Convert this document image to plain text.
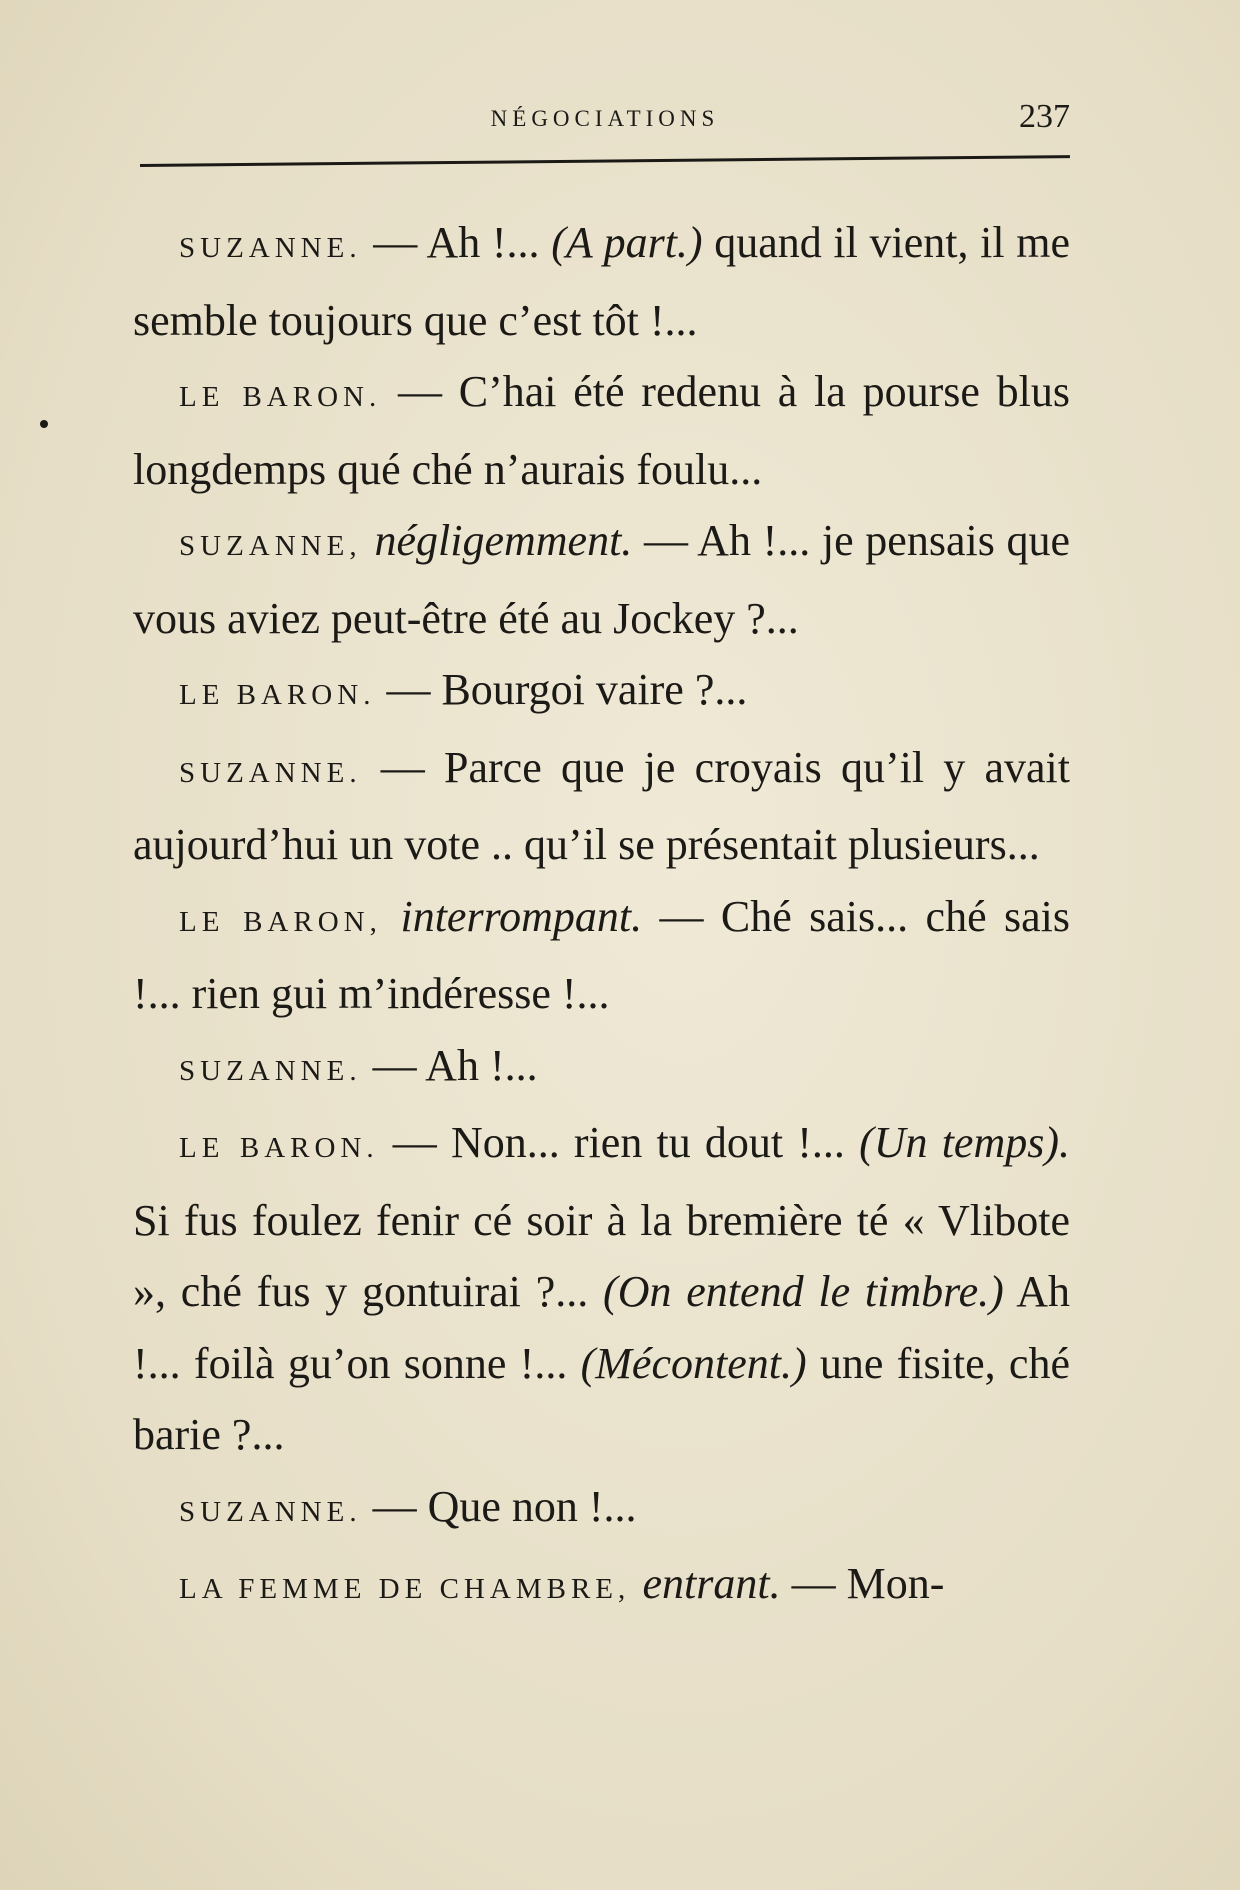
NÉGOCIATIONS	237

SUZANNE. — Ah !... (A part.) quand il vient, il me semble toujours que c’est tôt !...

LE BARON. — C’hai été redenu à la pourse blus longdemps qué ché n’aurais foulu...

SUZANNE, négligemment. — Ah !... je pensais que vous aviez peut-être été au Jockey ?...

LE BARON. — Bourgoi vaire ?...

SUZANNE. — Parce que je croyais qu’il y avait aujourd’hui un vote .. qu’il se présentait plusieurs...

LE BARON, interrompant. — Ché sais... ché sais !... rien gui m’indéresse !...

SUZANNE. — Ah !...

LE BARON. — Non... rien tu dout !... (Un temps). Si fus foulez fenir cé soir à la bremière té « Vlibote », ché fus y gontuirai ?... (On entend le timbre.) Ah !... foilà gu’on sonne !... (Mécontent.) une fisite, ché barie ?...

SUZANNE. — Que non !...

LA FEMME DE CHAMBRE, entrant. — Mon-
